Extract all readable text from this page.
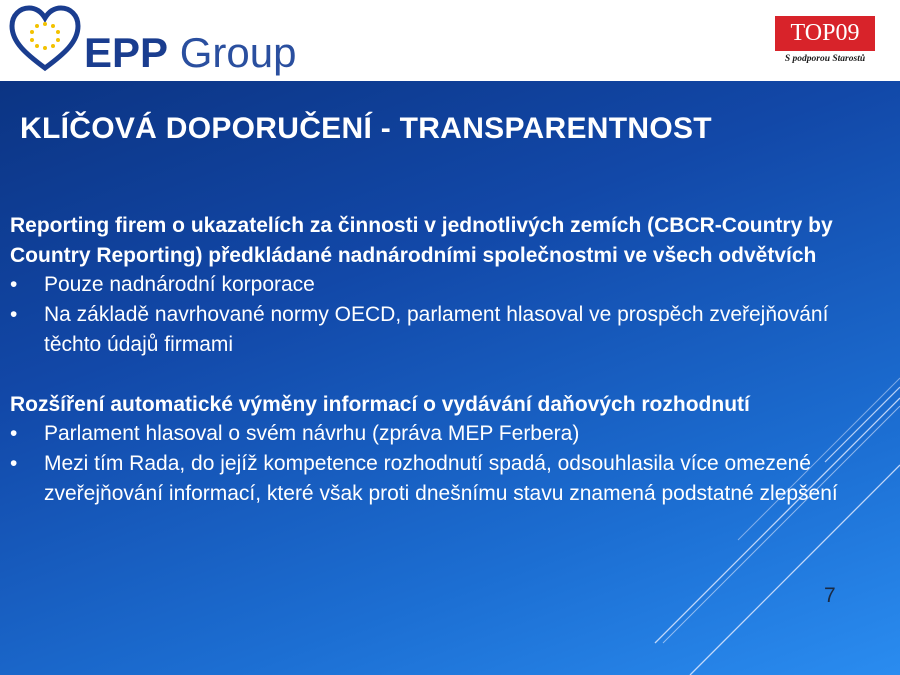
EPP Group	TOP09
S podporou Starostů
KLÍČOVÁ DOPORUČENÍ - TRANSPARENTNOST
Reporting firem o ukazatelích za činnosti v jednotlivých zemích (CBCR-Country by Country Reporting) předkládané nadnárodními společnostmi ve všech odvětvích
• Pouze nadnárodní korporace
• Na základě navrhované normy OECD, parlament hlasoval ve prospěch zveřejňování těchto údajů firmami
Rozšíření automatické výměny informací o vydávání daňových rozhodnutí
• Parlament hlasoval o svém návrhu (zpráva MEP Ferbera)
• Mezi tím Rada, do jejíž kompetence rozhodnutí spadá, odsouhlasila více omezené zveřejňování informací, které však proti dnešnímu stavu znamená podstatné zlepšení
7
